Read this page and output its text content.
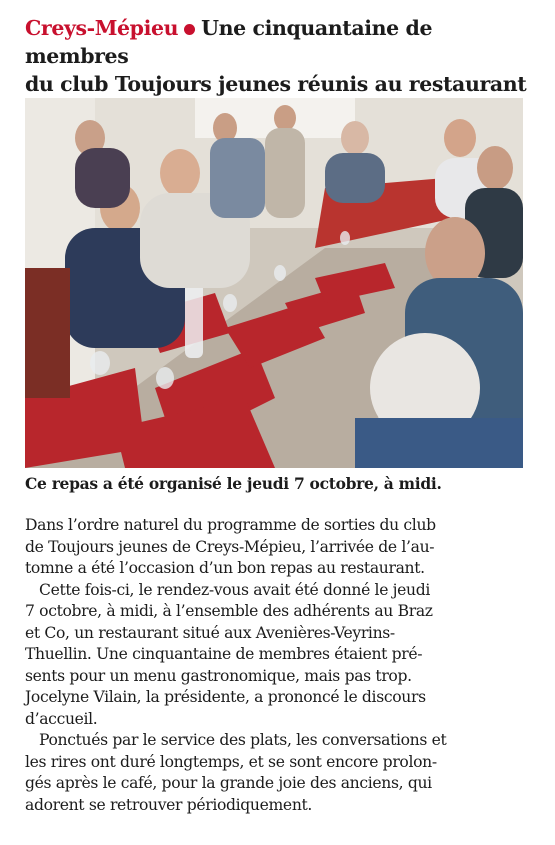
Creys-Mépieu Une cinquantaine de membres
du club Toujours jeunes réunis au restaurant
Ce repas a été organisé le jeudi 7 octobre, à midi.
Dans l’ordre naturel du programme de sorties du club
de Toujours jeunes de Creys-Mépieu, l’arrivée de l’au-
tomne a été l’occasion d’un bon repas au restaurant.
Cette fois-ci, le rendez-vous avait été donné le jeudi
7 octobre, à midi, à l’ensemble des adhérents au Braz
et Co, un restaurant situé aux Avenières-Veyrins-
Thuellin. Une cinquantaine de membres étaient pré-
sents pour un menu gastronomique, mais pas trop.
Jocelyne Vilain, la présidente, a prononcé le discours
d’accueil.
Ponctués par le service des plats, les conversations et
les rires ont duré longtemps, et se sont encore prolon-
gés après le café, pour la grande joie des anciens, qui
adorent se retrouver périodiquement.
